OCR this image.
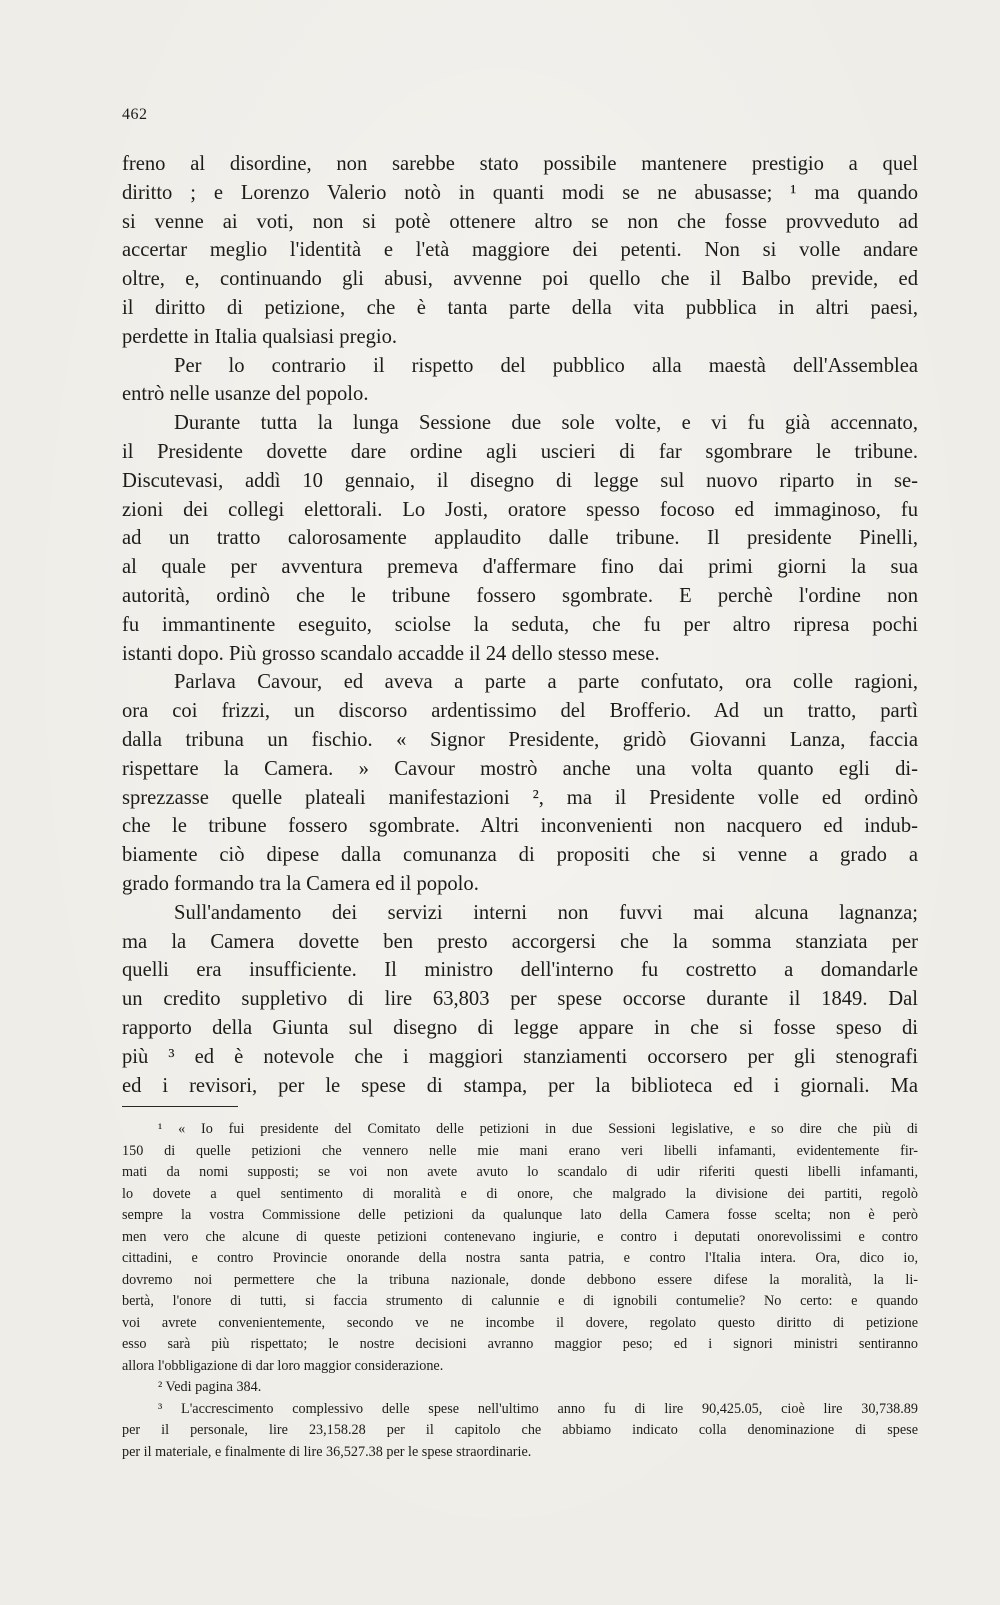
462
freno al disordine, non sarebbe stato possibile mantenere prestigio a quel
diritto ; e Lorenzo Valerio notò in quanti modi se ne abusasse; ¹ ma quando
si venne ai voti, non si potè ottenere altro se non che fosse provveduto ad
accertar meglio l'identità e l'età maggiore dei petenti. Non si volle andare
oltre, e, continuando gli abusi, avvenne poi quello che il Balbo previde, ed
il diritto di petizione, che è tanta parte della vita pubblica in altri paesi,
perdette in Italia qualsiasi pregio.
Per lo contrario il rispetto del pubblico alla maestà dell'Assemblea
entrò nelle usanze del popolo.
Durante tutta la lunga Sessione due sole volte, e vi fu già accennato,
il Presidente dovette dare ordine agli uscieri di far sgombrare le tribune.
Discutevasi, addì 10 gennaio, il disegno di legge sul nuovo riparto in se-
zioni dei collegi elettorali. Lo Josti, oratore spesso focoso ed immaginoso, fu
ad un tratto calorosamente applaudito dalle tribune. Il presidente Pinelli,
al quale per avventura premeva d'affermare fino dai primi giorni la sua
autorità, ordinò che le tribune fossero sgombrate. E perchè l'ordine non
fu immantinente eseguito, sciolse la seduta, che fu per altro ripresa pochi
istanti dopo. Più grosso scandalo accadde il 24 dello stesso mese.
Parlava Cavour, ed aveva a parte a parte confutato, ora colle ragioni,
ora coi frizzi, un discorso ardentissimo del Brofferio. Ad un tratto, partì
dalla tribuna un fischio. « Signor Presidente, gridò Giovanni Lanza, faccia
rispettare la Camera. » Cavour mostrò anche una volta quanto egli di-
sprezzasse quelle plateali manifestazioni ², ma il Presidente volle ed ordinò
che le tribune fossero sgombrate. Altri inconvenienti non nacquero ed indub-
biamente ciò dipese dalla comunanza di propositi che si venne a grado a
grado formando tra la Camera ed il popolo.
Sull'andamento dei servizi interni non fuvvi mai alcuna lagnanza;
ma la Camera dovette ben presto accorgersi che la somma stanziata per
quelli era insufficiente. Il ministro dell'interno fu costretto a domandarle
un credito suppletivo di lire 63,803 per spese occorse durante il 1849. Dal
rapporto della Giunta sul disegno di legge appare in che si fosse speso di
più ³ ed è notevole che i maggiori stanziamenti occorsero per gli stenografi
ed i revisori, per le spese di stampa, per la biblioteca ed i giornali. Ma
¹ « Io fui presidente del Comitato delle petizioni in due Sessioni legislative, e so dire che più di
150 di quelle petizioni che vennero nelle mie mani erano veri libelli infamanti, evidentemente fir-
mati da nomi supposti; se voi non avete avuto lo scandalo di udir riferiti questi libelli infamanti,
lo dovete a quel sentimento di moralità e di onore, che malgrado la divisione dei partiti, regolò
sempre la vostra Commissione delle petizioni da qualunque lato della Camera fosse scelta; non è però
men vero che alcune di queste petizioni contenevano ingiurie, e contro i deputati onorevolissimi e contro
cittadini, e contro Provincie onorande della nostra santa patria, e contro l'Italia intera. Ora, dico io,
dovremo noi permettere che la tribuna nazionale, donde debbono essere difese la moralità, la li-
bertà, l'onore di tutti, si faccia strumento di calunnie e di ignobili contumelie? No certo: e quando
voi avrete convenientemente, secondo ve ne incombe il dovere, regolato questo diritto di petizione
esso sarà più rispettato; le nostre decisioni avranno maggior peso; ed i signori ministri sentiranno
allora l'obbligazione di dar loro maggior considerazione.
² Vedi pagina 384.
³ L'accrescimento complessivo delle spese nell'ultimo anno fu di lire 90,425.05, cioè lire 30,738.89
per il personale, lire 23,158.28 per il capitolo che abbiamo indicato colla denominazione di spese
per il materiale, e finalmente di lire 36,527.38 per le spese straordinarie.
